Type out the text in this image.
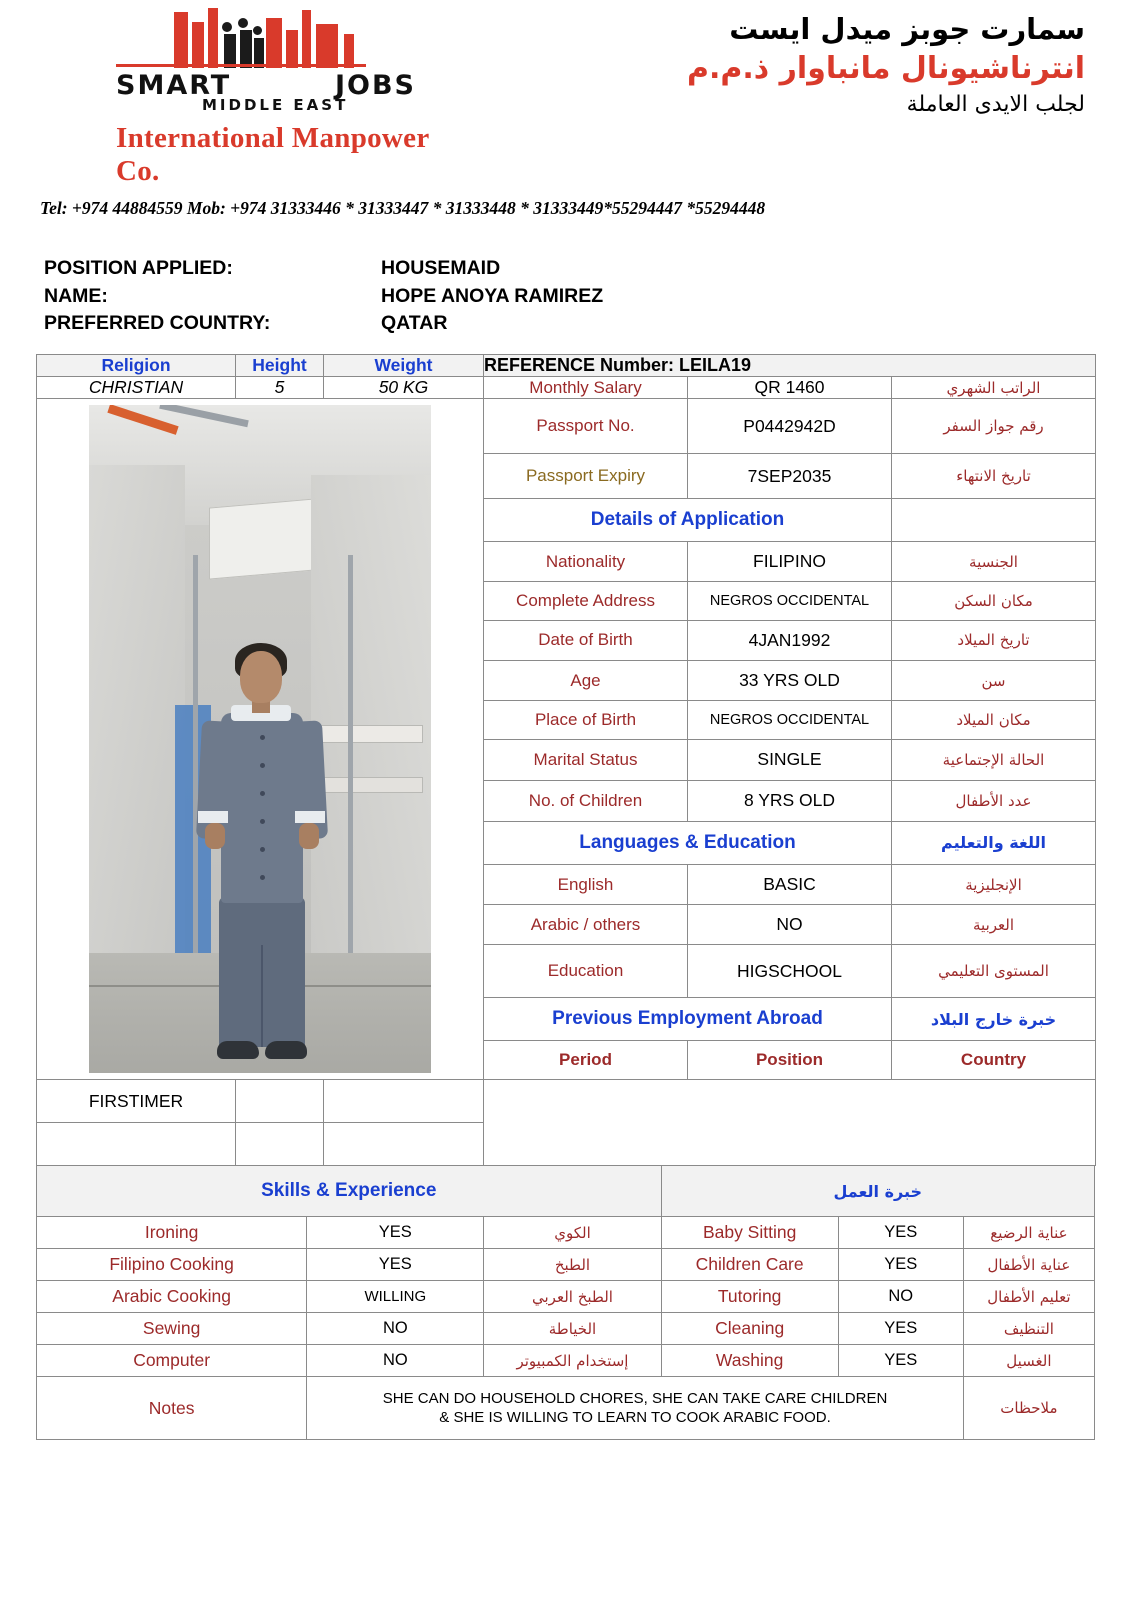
SMART	JOBS
MIDDLE EAST
International Manpower Co.
سمارت جوبز ميدل ايست
انترناشيونال مانباوار ذ.م.م
لجلب الايدى العاملة
Tel: +974 44884559 Mob: +974 31333446 * 31333447 * 31333448 * 31333449*55294447 *55294448
POSITION APPLIED:	HOUSEMAID
NAME:	HOPE ANOYA RAMIREZ
PREFERRED COUNTRY:	QATAR
Religion	Height	Weight	REFERENCE Number: LEILA19		
CHRISTIAN	5	50 KG	Monthly Salary	QR 1460	الراتب الشهري

			Passport No.	P0442942D	رقم جواز السفر
			Passport Expiry	7SEP2035	تاريخ الانتهاء
			Details of Application		
			Nationality	FILIPINO	الجنسية
			Complete Address	NEGROS OCCIDENTAL	مكان السكن
			Date of Birth	4JAN1992	تاريخ الميلاد
			Age	33 YRS OLD	سن
			Place of Birth	NEGROS OCCIDENTAL	مكان الميلاد
			Marital Status	SINGLE	الحالة الإجتماعية
			No. of Children	8 YRS OLD	عدد الأطفال
			Languages & Education		اللغة والتعليم
			English	BASIC	الإنجليزية
			Arabic / others	NO	العربية
			Education	HIGSCHOOL	المستوى التعليمي
			Previous Employment Abroad		خبرة خارج البلاد
			Period	Position	Country
FIRSTIMER					

Skills & Experience			خبرة العمل		
Ironing	YES	الكوي	Baby Sitting	YES	عناية الرضيع
Filipino Cooking	YES	الطبخ	Children Care	YES	عناية الأطفال
Arabic Cooking	WILLING	الطبخ العربي	Tutoring	NO	تعليم الأطفال
Sewing	NO	الخياطة	Cleaning	YES	التنظيف
Computer	NO	إستخدام الكمبيوتر	Washing	YES	الغسيل
Notes	SHE CAN DO HOUSEHOLD CHORES, SHE CAN TAKE CARE CHILDREN
& SHE IS WILLING TO LEARN TO COOK ARABIC FOOD.				ملاحظات
